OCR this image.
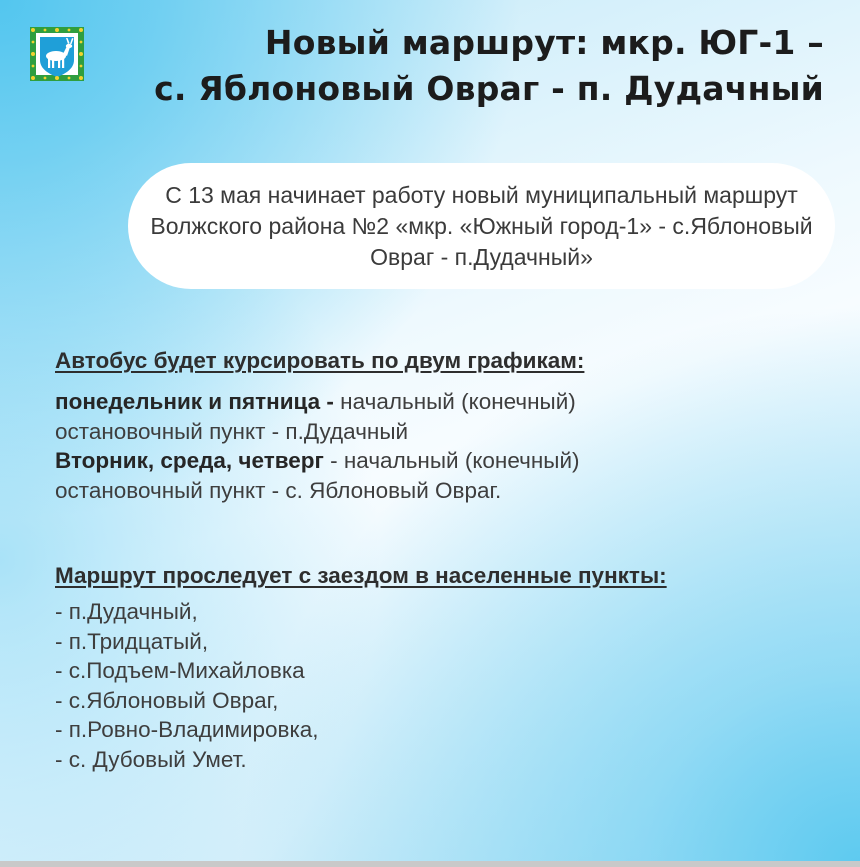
Новый маршрут: мкр. ЮГ-1 –
с. Яблоновый Овраг - п. Дудачный

С 13 мая начинает работу новый муниципальный маршрут Волжского района №2 «мкр. «Южный город-1» - с.Яблоновый Овраг - п.Дудачный»

Автобус будет курсировать по двум графикам:
понедельник и пятница - начальный (конечный)
остановочный пункт - п.Дудачный
Вторник, среда, четверг - начальный (конечный)
остановочный пункт - с. Яблоновый Овраг.
Маршрут проследует с заездом в населенные пункты:
- п.Дудачный,
- п.Тридцатый,
- с.Подъем-Михайловка
- с.Яблоновый Овраг,
- п.Ровно-Владимировка,
- с. Дубовый Умет.
